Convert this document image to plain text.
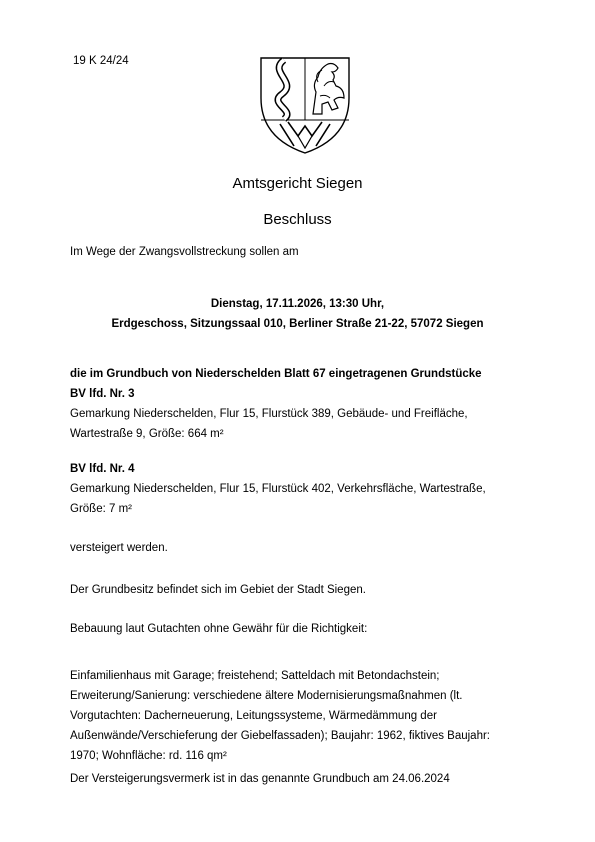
19 K 24/24
Amtsgericht Siegen
Beschluss
Im Wege der Zwangsvollstreckung sollen am
Dienstag, 17.11.2026, 13:30 Uhr,
Erdgeschoss, Sitzungssaal 010, Berliner Straße 21-22, 57072 Siegen
die im Grundbuch von Niederschelden Blatt 67 eingetragenen Grundstücke
BV lfd. Nr. 3
Gemarkung Niederschelden, Flur 15, Flurstück 389, Gebäude- und Freifläche,
Wartestraße 9, Größe: 664 m²
BV lfd. Nr. 4
Gemarkung Niederschelden, Flur 15, Flurstück 402, Verkehrsfläche, Wartestraße,
Größe: 7 m²
versteigert werden.
Der Grundbesitz befindet sich im Gebiet der Stadt Siegen.
Bebauung laut Gutachten ohne Gewähr für die Richtigkeit:
Einfamilienhaus mit Garage; freistehend; Satteldach mit Betondachstein;
Erweiterung/Sanierung: verschiedene ältere Modernisierungsmaßnahmen (lt.
Vorgutachten: Dacherneuerung, Leitungssysteme, Wärmedämmung der
Außenwände/Verschieferung der Giebelfassaden); Baujahr: 1962, fiktives Baujahr:
1970; Wohnfläche: rd. 116 qm²
Der Versteigerungsvermerk ist in das genannte Grundbuch am 24.06.2024
